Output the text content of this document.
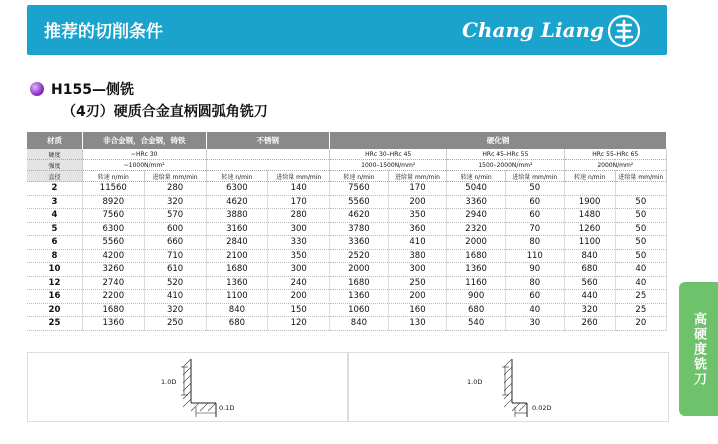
推荐的切削条件	Chang Liang
H155—侧铣
（4刃）硬质合金直柄圆弧角铣刀
材质	非合金钢，合金钢，铸铁		不锈钢		硬化钢					
硬度	~HRc 30				HRc 30–HRc 45		HRc 45–HRc 55		HRc 55–HRc 65	
强度	~1000N/mm²				1000–1500N/mm²		1500–2000N/mm²		2000N/mm²	
直径	转速 n/min	进给量 mm/min	转速 n/min	进给量 mm/min	转速 n/min	进给量 mm/min	转速 n/min	进给量 mm/min	转速 n/min	进给量 mm/min
2	11560	280	6300	140	7560	170	5040	50		
3	8920	320	4620	170	5560	200	3360	60	1900	50
4	7560	570	3880	280	4620	350	2940	60	1480	50
5	6300	600	3160	300	3780	360	2320	70	1260	50
6	5560	660	2840	330	3360	410	2000	80	1100	50
8	4200	710	2100	350	2520	380	1680	110	840	50
10	3260	610	1680	300	2000	300	1360	90	680	40
12	2740	520	1360	240	1680	250	1160	80	560	40
16	2200	410	1100	200	1360	200	900	60	440	25
20	1680	320	840	150	1060	160	680	40	320	25
25	1360	250	680	120	840	130	540	30	260	20
1.0D
0.1D
1.0D
0.02D
高硬度铣刀
